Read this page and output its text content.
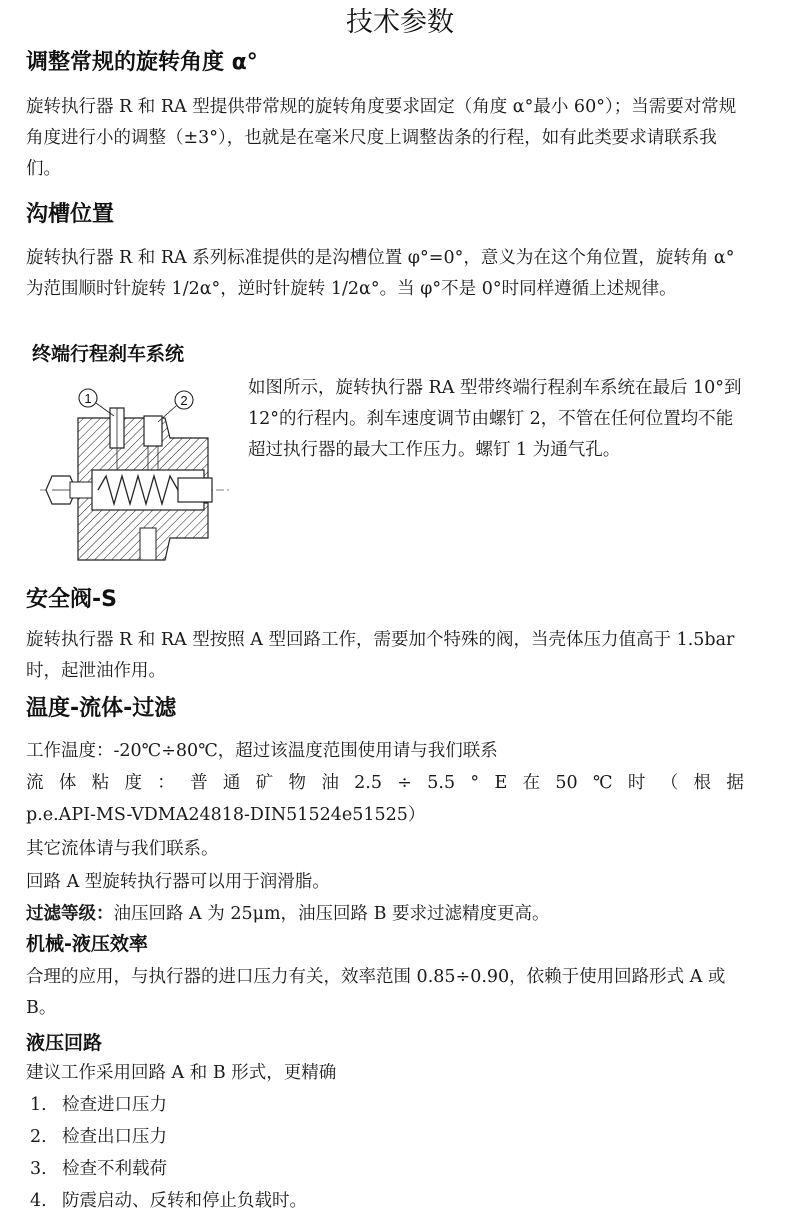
技术参数
调整常规的旋转角度 α°

旋转执行器 R 和 RA 型提供带常规的旋转角度要求固定（角度 α°最小 60°）；当需要对常规角度进行小的调整（±3°），也就是在毫米尺度上调整齿条的行程，如有此类要求请联系我们。

沟槽位置

旋转执行器 R 和 RA 系列标准提供的是沟槽位置 φ°=0°，意义为在这个角位置，旋转角 α°为范围顺时针旋转 1/2α°，逆时针旋转 1/2α°。当 φ°不是 0°时同样遵循上述规律。

终端行程刹车系统
1	2

如图所示，旋转执行器 RA 型带终端行程刹车系统在最后 10°到 12°的行程内。刹车速度调节由螺钉 2，不管在任何位置均不能超过执行器的最大工作压力。螺钉 1 为通气孔。

安全阀-S

旋转执行器 R 和 RA 型按照 A 型回路工作，需要加个特殊的阀，当壳体压力值高于 1.5bar 时，起泄油作用。

温度-流体-过滤
工作温度：-20℃÷80℃，超过该温度范围使用请与我们联系
流 体 粘 度 ： 普 通 矿 物 油 2.5 ÷ 5.5 ° E 在 50 ℃ 时 （ 根 据
p.e.API-MS-VDMA24818-DIN51524e51525）
其它流体请与我们联系。
回路 A 型旋转执行器可以用于润滑脂。
过滤等级：油压回路 A 为 25μm，油压回路 B 要求过滤精度更高。
机械-液压效率

合理的应用，与执行器的进口压力有关，效率范围 0.85÷0.90，依赖于使用回路形式 A 或 B。

液压回路
建议工作采用回路 A 和 B 形式，更精确
1. 检查进口压力
2. 检查出口压力
3. 检查不利载荷
4. 防震启动、反转和停止负载时。
